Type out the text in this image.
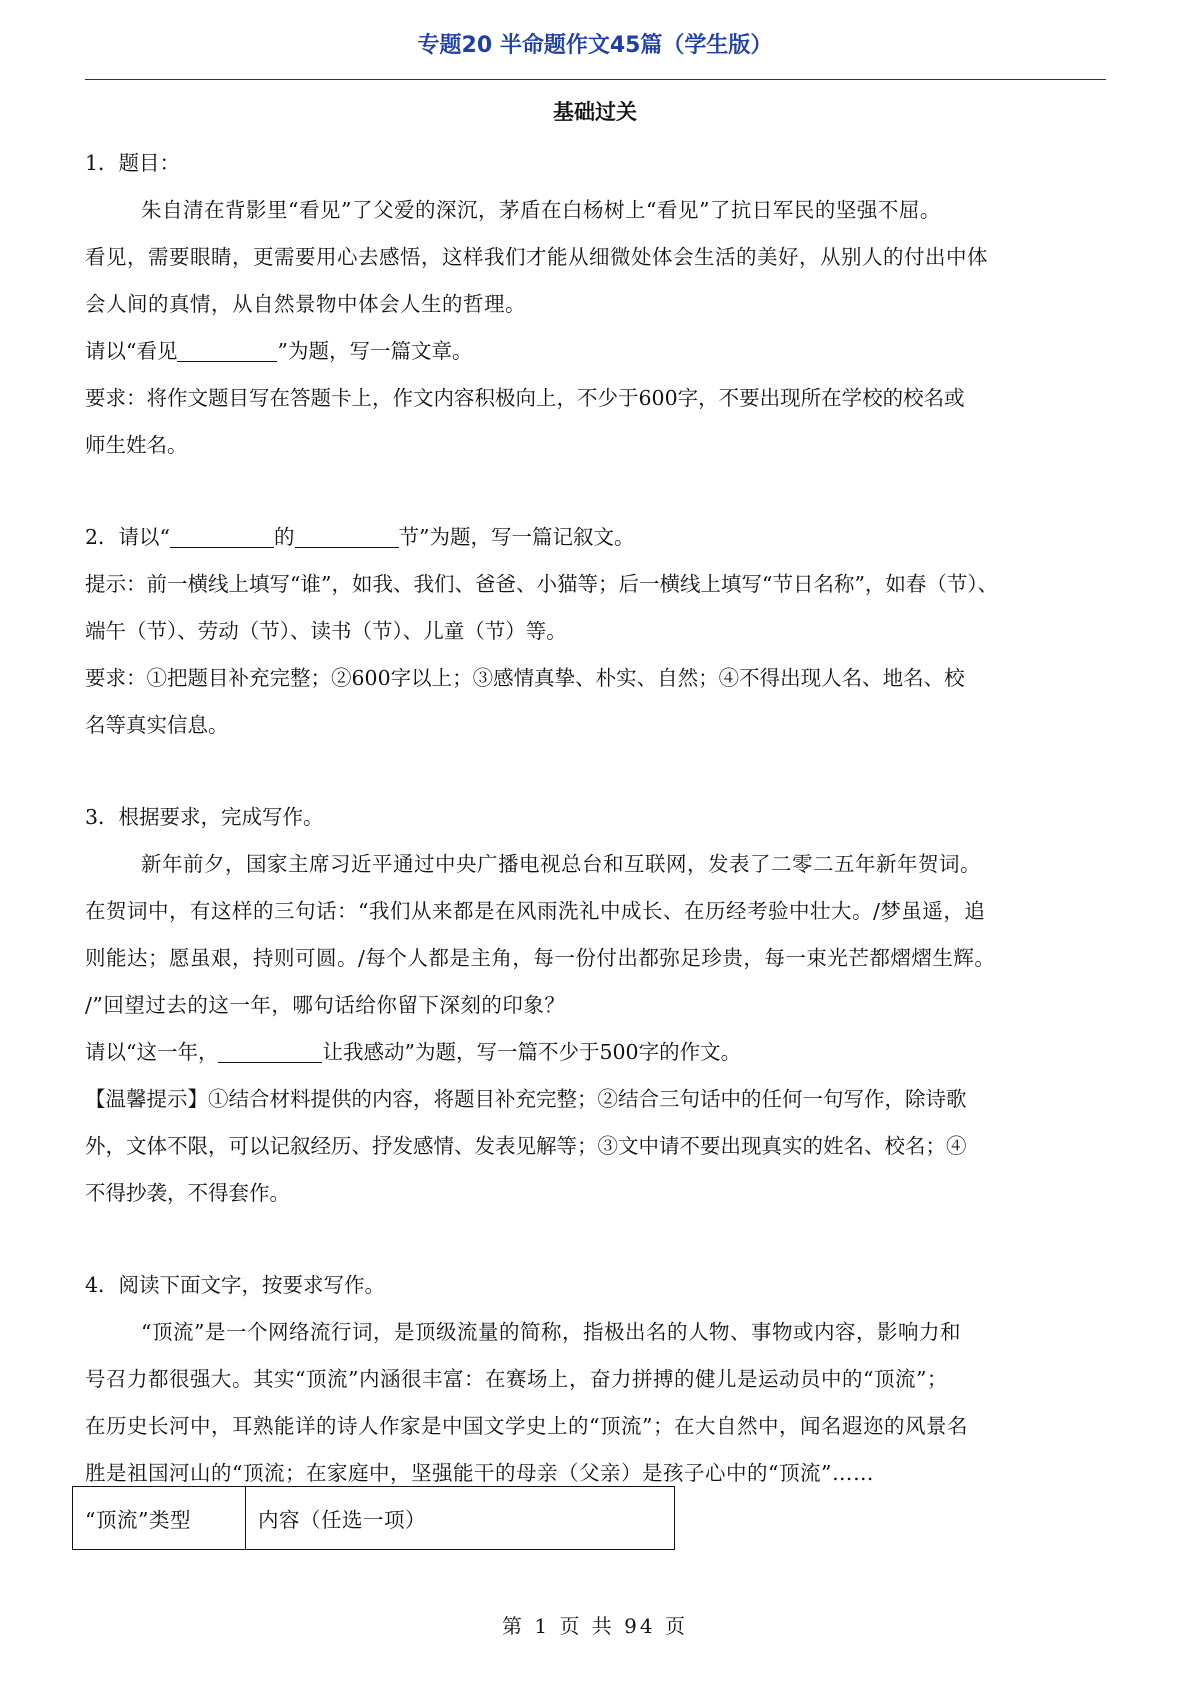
专题20 半命题作文45篇（学生版）
基础过关

1．题目：

朱自清在背影里“看见”了父爱的深沉，茅盾在白杨树上“看见”了抗日军民的坚强不屈。

看见，需要眼睛，更需要用心去感悟，这样我们才能从细微处体会生活的美好，从别人的付出中体

会人间的真情，从自然景物中体会人生的哲理。

请以“看见	”为题，写一篇文章。

要求：将作文题目写在答题卡上，作文内容积极向上，不少于600字，不要出现所在学校的校名或

师生姓名。

2．请以“	的	节”为题，写一篇记叙文。

提示：前一横线上填写“谁”，如我、我们、爸爸、小猫等；后一横线上填写“节日名称”，如春（节）、

端午（节）、劳动（节）、读书（节）、儿童（节）等。

要求：①把题目补充完整；②600字以上；③感情真挚、朴实、自然；④不得出现人名、地名、校

名等真实信息。

3．根据要求，完成写作。

新年前夕，国家主席习近平通过中央广播电视总台和互联网，发表了二零二五年新年贺词。

在贺词中，有这样的三句话：“我们从来都是在风雨洗礼中成长、在历经考验中壮大。/梦虽遥，追

则能达；愿虽艰，持则可圆。/每个人都是主角，每一份付出都弥足珍贵，每一束光芒都熠熠生辉。

/”回望过去的这一年，哪句话给你留下深刻的印象？

请以“这一年，	让我感动”为题，写一篇不少于500字的作文。

【温馨提示】①结合材料提供的内容，将题目补充完整；②结合三句话中的任何一句写作，除诗歌

外，文体不限，可以记叙经历、抒发感情、发表见解等；③文中请不要出现真实的姓名、校名；④

不得抄袭，不得套作。

4．阅读下面文字，按要求写作。

“顶流”是一个网络流行词，是顶级流量的简称，指极出名的人物、事物或内容，影响力和

号召力都很强大。其实“顶流”内涵很丰富：在赛场上，奋力拼搏的健儿是运动员中的“顶流”；

在历史长河中，耳熟能详的诗人作家是中国文学史上的“顶流”；在大自然中，闻名遐迩的风景名

胜是祖国河山的“顶流；在家庭中，坚强能干的母亲（父亲）是孩子心中的“顶流”……

“顶流”类型	内容（任选一项）
第 1 页 共 94 页
